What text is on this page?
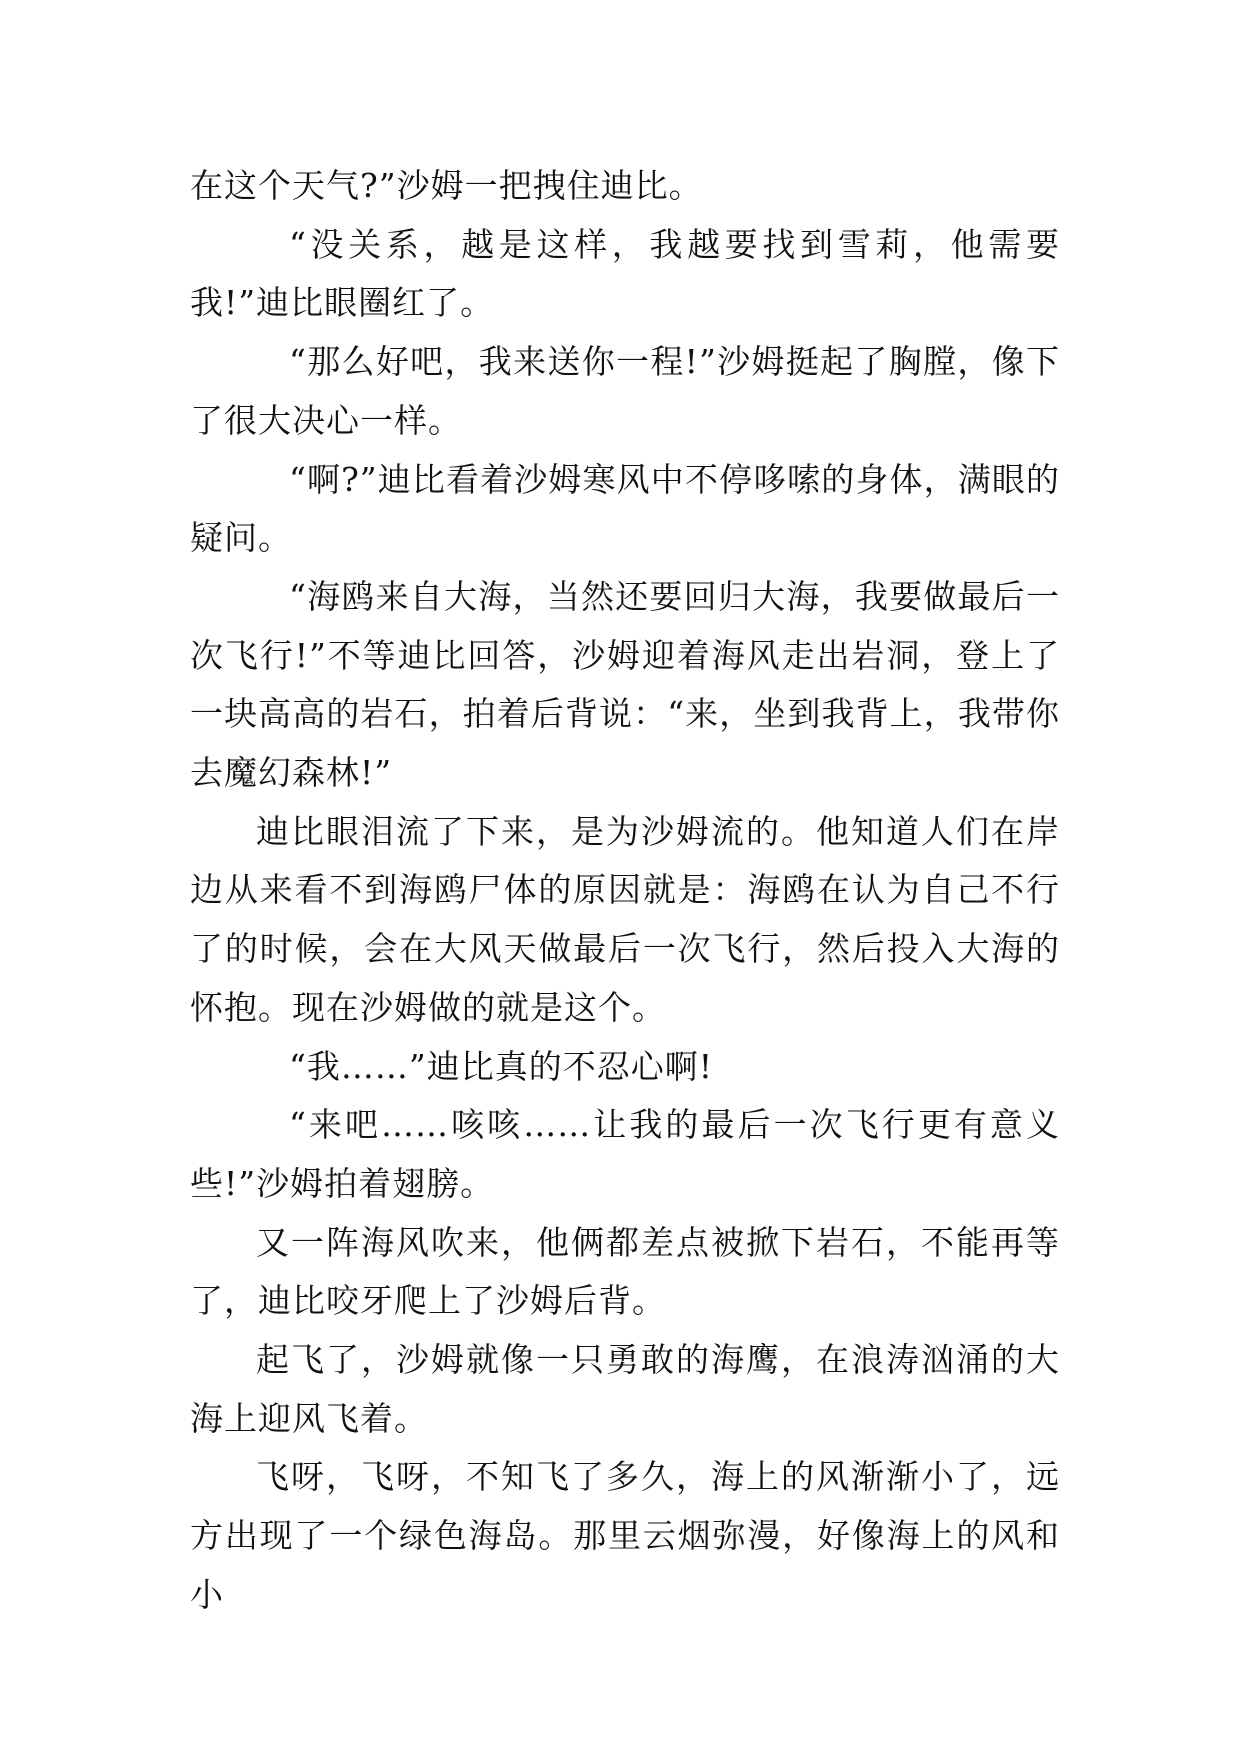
在这个天气?”沙姆一把拽住迪比。

“没关系，越是这样，我越要找到雪莉，他需要我!”迪比眼圈红了。

“那么好吧，我来送你一程!”沙姆挺起了胸膛，像下了很大决心一样。

“啊?”迪比看着沙姆寒风中不停哆嗦的身体，满眼的疑问。

“海鸥来自大海，当然还要回归大海，我要做最后一次飞行!”不等迪比回答，沙姆迎着海风走出岩洞，登上了一块高高的岩石，拍着后背说：“来，坐到我背上，我带你去魔幻森林!”

迪比眼泪流了下来，是为沙姆流的。他知道人们在岸边从来看不到海鸥尸体的原因就是：海鸥在认为自己不行了的时候，会在大风天做最后一次飞行，然后投入大海的怀抱。现在沙姆做的就是这个。

“我……”迪比真的不忍心啊!

“来吧……咳咳……让我的最后一次飞行更有意义些!”沙姆拍着翅膀。

又一阵海风吹来，他俩都差点被掀下岩石，不能再等了，迪比咬牙爬上了沙姆后背。

起飞了，沙姆就像一只勇敢的海鹰，在浪涛汹涌的大海上迎风飞着。

飞呀，飞呀，不知飞了多久，海上的风渐渐小了，远方出现了一个绿色海岛。那里云烟弥漫，好像海上的风和小
